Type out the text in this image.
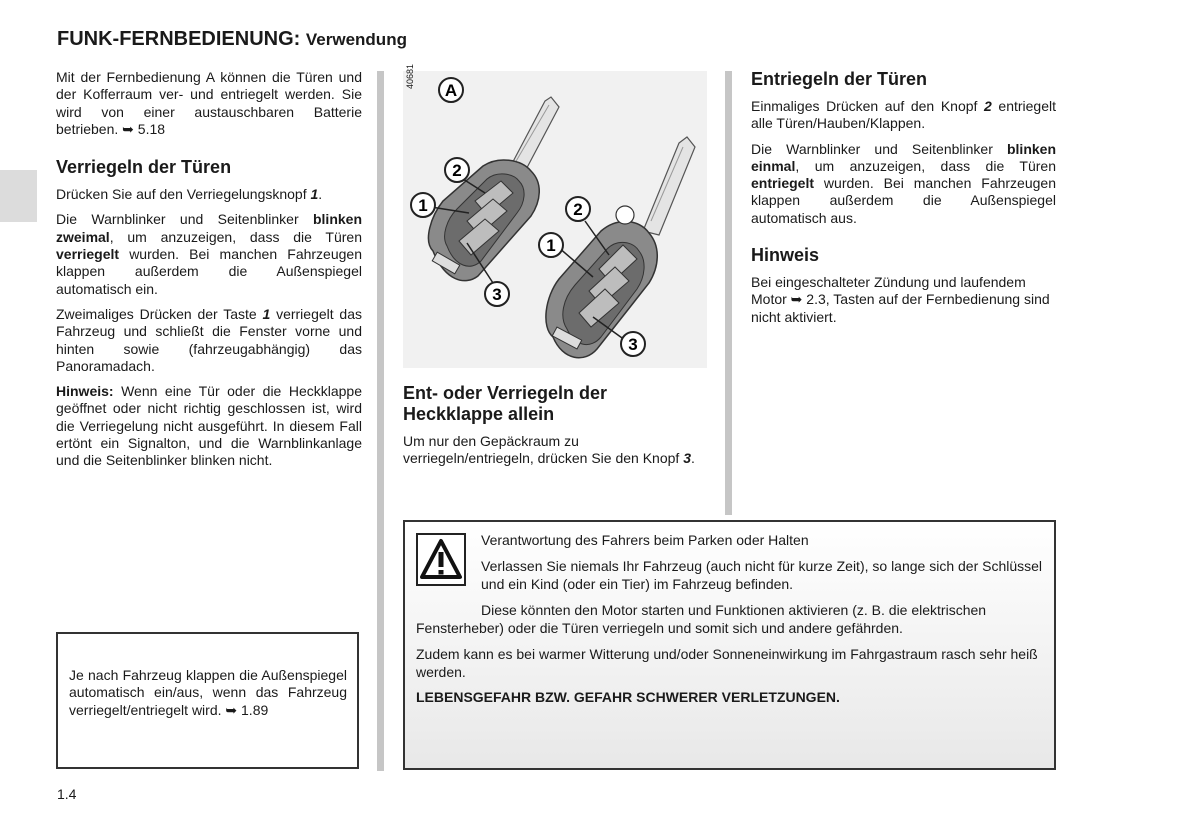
FUNK-FERNBEDIENUNG: Verwendung

Mit der Fernbedienung A können die Türen und der Kofferraum ver- und entriegelt werden. Sie wird von einer austauschbaren Batterie betrieben. ➥ 5.18

Verriegeln der Türen

Drücken Sie auf den Verriegelungsknopf 1.

Die Warnblinker und Seitenblinker blinken zweimal, um anzuzeigen, dass die Türen verriegelt wurden. Bei manchen Fahrzeugen klappen außerdem die Außenspiegel automatisch ein.

Zweimaliges Drücken der Taste 1 verriegelt das Fahrzeug und schließt die Fenster vorne und hinten sowie (fahrzeugabhängig) das Panoramadach.

Hinweis: Wenn eine Tür oder die Heckklappe geöffnet oder nicht richtig geschlossen ist, wird die Verriegelung nicht ausgeführt. In diesem Fall ertönt ein Signalton, und die Warnblinkanlage und die Seitenblinker blinken nicht.

Je nach Fahrzeug klappen die Außenspiegel automatisch ein/aus, wenn das Fahrzeug verriegelt/entriegelt wird. ➥ 1.89

40681
A
2
1
3
2
1
3
Ent- oder Verriegeln der Heckklappe allein

Um nur den Gepäckraum zu verriegeln/entriegeln, drücken Sie den Knopf 3.

Entriegeln der Türen

Einmaliges Drücken auf den Knopf 2 entriegelt alle Türen/Hauben/Klappen.

Die Warnblinker und Seitenblinker blinken einmal, um anzuzeigen, dass die Türen entriegelt wurden. Bei manchen Fahrzeugen klappen außerdem die Außenspiegel automatisch aus.

Hinweis

Bei eingeschalteter Zündung und laufendem Motor ➥ 2.3, Tasten auf der Fernbedienung sind nicht aktiviert.

Verantwortung des Fahrers beim Parken oder Halten

Verlassen Sie niemals Ihr Fahrzeug (auch nicht für kurze Zeit), so lange sich der Schlüssel und ein Kind (oder ein Tier) im Fahrzeug befinden.

Diese könnten den Motor starten und Funktionen aktivieren (z. B. die elektrischen

Fensterheber) oder die Türen verriegeln und somit sich und andere gefährden.

Zudem kann es bei warmer Witterung und/oder Sonneneinwirkung im Fahrgastraum rasch sehr heiß werden.

LEBENSGEFAHR BZW. GEFAHR SCHWERER VERLETZUNGEN.

1.4
